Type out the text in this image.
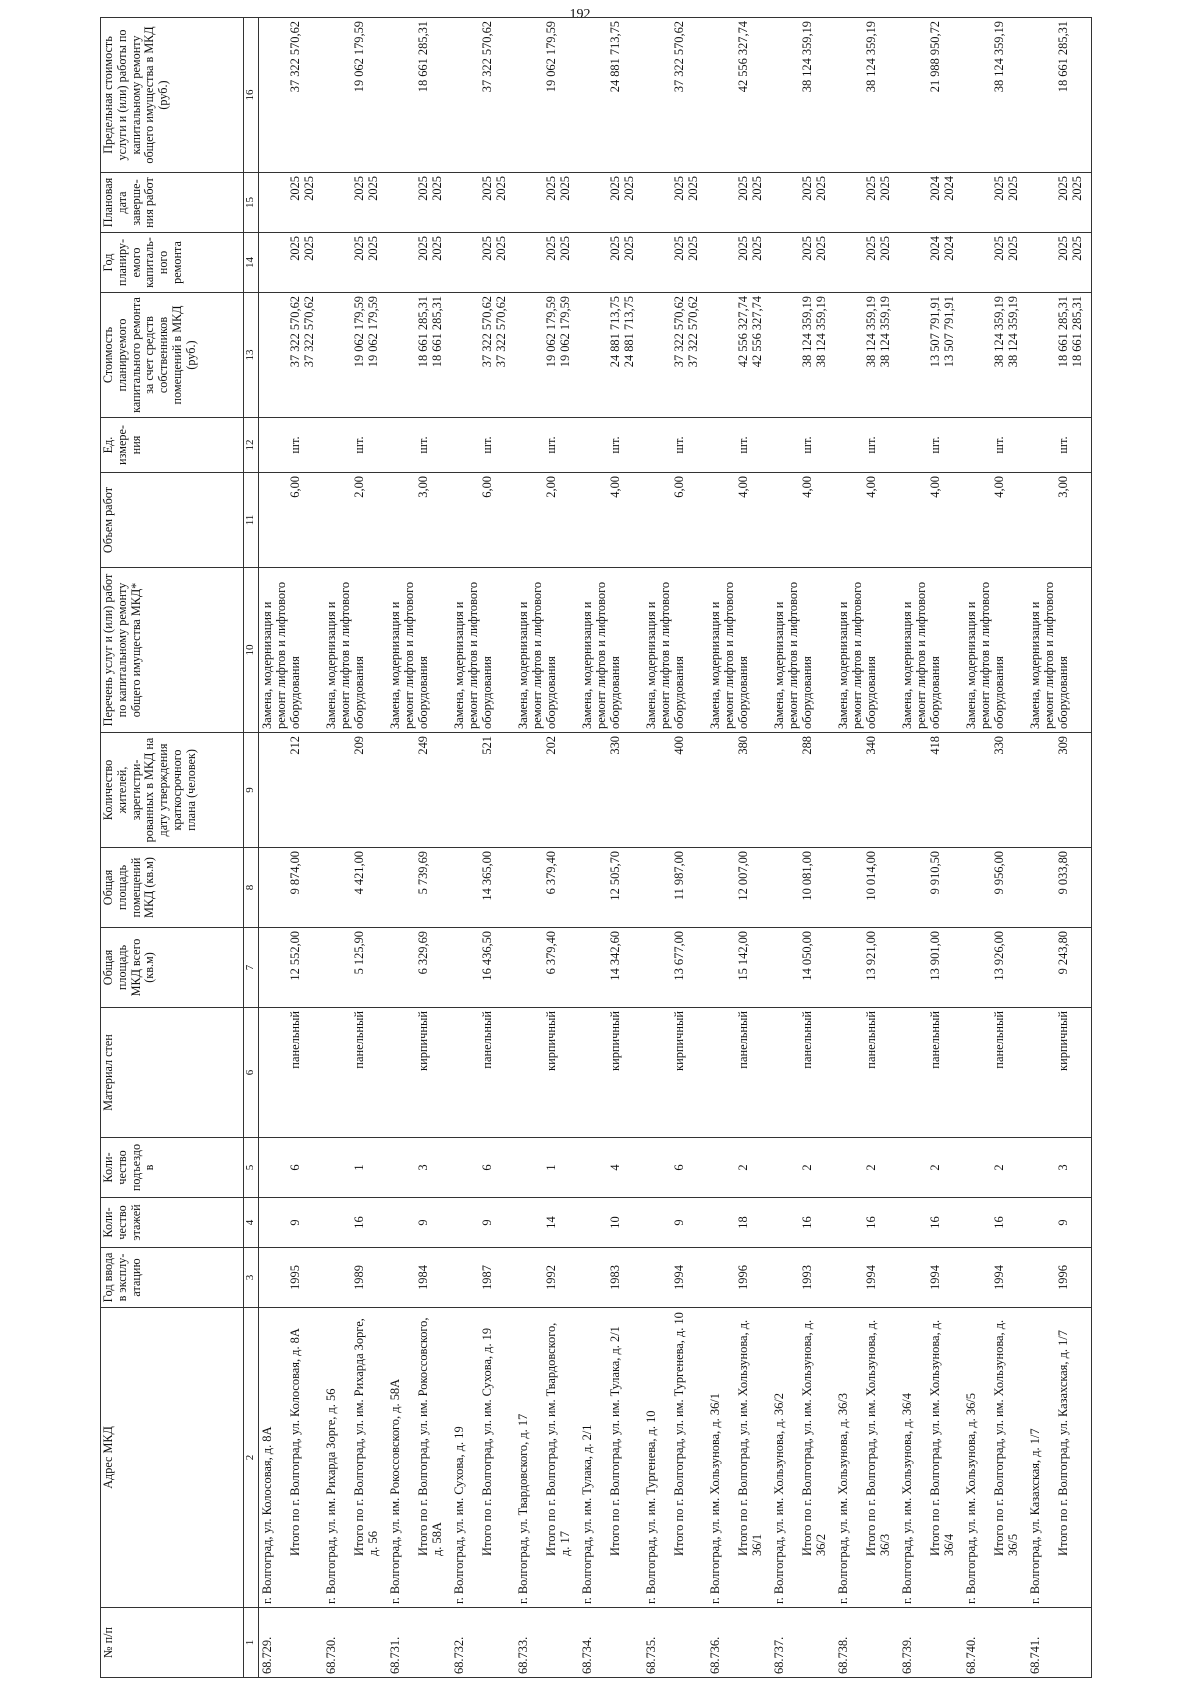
192
№ п/п	Адрес МКД	Год ввода в эксплу-атацию	Коли-чество этажей	Коли-чество подъездо в	Материал стен	Общая площадь МКД всего (кв.м)	Общая площадь помещений МКД (кв.м)	Количество жителей, зарегистри-рованных в МКД на дату утверждения краткосрочного плана (человек)	Перечень услуг и (или) работ по капитальному ремонту общего имущества МКД*	Объем работ	Ед. измере-ния	Стоимость планируемого капитального ремонта за счет средств собственников помещений в МКД (руб.)	Год планиру-емого капиталь-ного ремонта	Плановая дата заверше-ния работ	Предельная стоимость услуги и (или) работы по капитальному ремонту общего имущества в МКД (руб.)
1	2	3	4	5	6	7	8	9	10	11	12	13	14	15	16
68.729.	г. Волгоград, ул. Колосовая, д. 8А Итого по г. Волгоград, ул. Колосовая, д. 8А	1995	9	6	панельный	12 552,00	9 874,00	212	Замена, модернизация и ремонт лифтов и лифтового оборудования	6,00	шт.	37 322 570,62 37 322 570,62	2025 2025	2025 2025	37 322 570,62
68.730.	г. Волгоград, ул. им. Рихарда Зорге, д. 56 Итого по г. Волгоград, ул. им. Рихарда Зорге, д. 56	1989	16	1	панельный	5 125,90	4 421,00	209	Замена, модернизация и ремонт лифтов и лифтового оборудования	2,00	шт.	19 062 179,59 19 062 179,59	2025 2025	2025 2025	19 062 179,59
68.731.	г. Волгоград, ул. им. Рокоссовского, д. 58А Итого по г. Волгоград, ул. им. Рокоссовского, д. 58А	1984	9	3	кирпичный	6 329,69	5 739,69	249	Замена, модернизация и ремонт лифтов и лифтового оборудования	3,00	шт.	18 661 285,31 18 661 285,31	2025 2025	2025 2025	18 661 285,31
68.732.	г. Волгоград, ул. им. Сухова, д. 19 Итого по г. Волгоград, ул. им. Сухова, д. 19	1987	9	6	панельный	16 436,50	14 365,00	521	Замена, модернизация и ремонт лифтов и лифтового оборудования	6,00	шт.	37 322 570,62 37 322 570,62	2025 2025	2025 2025	37 322 570,62
68.733.	г. Волгоград, ул. Твардовского, д. 17 Итого по г. Волгоград, ул. им. Твардовского, д. 17	1992	14	1	кирпичный	6 379,40	6 379,40	202	Замена, модернизация и ремонт лифтов и лифтового оборудования	2,00	шт.	19 062 179,59 19 062 179,59	2025 2025	2025 2025	19 062 179,59
68.734.	г. Волгоград, ул. им. Тулака, д. 2/1 Итого по г. Волгоград, ул. им. Тулака, д. 2/1	1983	10	4	кирпичный	14 342,60	12 505,70	330	Замена, модернизация и ремонт лифтов и лифтового оборудования	4,00	шт.	24 881 713,75 24 881 713,75	2025 2025	2025 2025	24 881 713,75
68.735.	г. Волгоград, ул. им. Тургенева, д. 10 Итого по г. Волгоград, ул. им. Тургенева, д. 10	1994	9	6	кирпичный	13 677,00	11 987,00	400	Замена, модернизация и ремонт лифтов и лифтового оборудования	6,00	шт.	37 322 570,62 37 322 570,62	2025 2025	2025 2025	37 322 570,62
68.736.	г. Волгоград, ул. им. Хользунова, д. 36/1 Итого по г. Волгоград, ул. им. Хользунова, д. 36/1	1996	18	2	панельный	15 142,00	12 007,00	380	Замена, модернизация и ремонт лифтов и лифтового оборудования	4,00	шт.	42 556 327,74 42 556 327,74	2025 2025	2025 2025	42 556 327,74
68.737.	г. Волгоград, ул. им. Хользунова, д. 36/2 Итого по г. Волгоград, ул. им. Хользунова, д. 36/2	1993	16	2	панельный	14 050,00	10 081,00	288	Замена, модернизация и ремонт лифтов и лифтового оборудования	4,00	шт.	38 124 359,19 38 124 359,19	2025 2025	2025 2025	38 124 359,19
68.738.	г. Волгоград, ул. им. Хользунова, д. 36/3 Итого по г. Волгоград, ул. им. Хользунова, д. 36/3	1994	16	2	панельный	13 921,00	10 014,00	340	Замена, модернизация и ремонт лифтов и лифтового оборудования	4,00	шт.	38 124 359,19 38 124 359,19	2025 2025	2025 2025	38 124 359,19
68.739.	г. Волгоград, ул. им. Хользунова, д. 36/4 Итого по г. Волгоград, ул. им. Хользунова, д. 36/4	1994	16	2	панельный	13 901,00	9 910,50	418	Замена, модернизация и ремонт лифтов и лифтового оборудования	4,00	шт.	13 507 791,91 13 507 791,91	2024 2024	2024 2024	21 988 950,72
68.740.	г. Волгоград, ул. им. Хользунова, д. 36/5 Итого по г. Волгоград, ул. им. Хользунова, д. 36/5	1994	16	2	панельный	13 926,00	9 956,00	330	Замена, модернизация и ремонт лифтов и лифтового оборудования	4,00	шт.	38 124 359,19 38 124 359,19	2025 2025	2025 2025	38 124 359,19
68.741.	г. Волгоград, ул. Казахская, д. 1/7 Итого по г. Волгоград, ул. Казахская, д. 1/7	1996	9	3	кирпичный	9 243,80	9 033,80	309	Замена, модернизация и ремонт лифтов и лифтового оборудования	3,00	шт.	18 661 285,31 18 661 285,31	2025 2025	2025 2025	18 661 285,31
